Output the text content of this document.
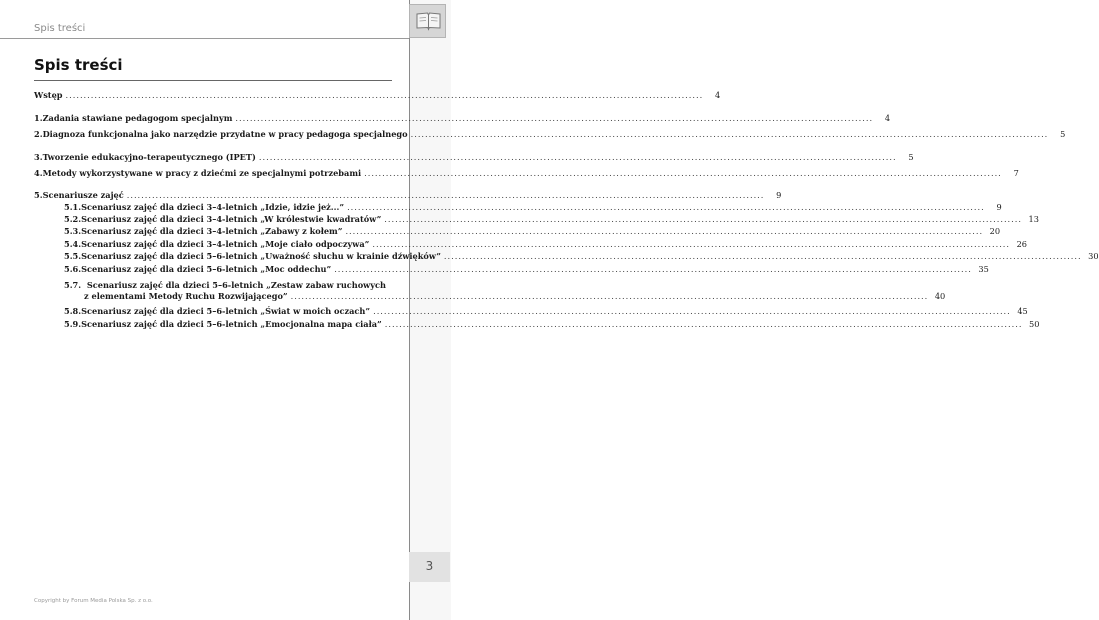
Spis treści
3
Spis treści
Wstęp .....	4
1. Zadania stawiane pedagogom specjalnym .....	4
2. Diagnoza funkcjonalna jako narzędzie przydatne w pracy pedagoga specjalnego .....	5
3. Tworzenie edukacyjno-terapeutycznego (IPET) .....	5
4. Metody wykorzystywane w pracy z dziećmi ze specjalnymi potrzebami .....	7
5. Scenariusze zajęć .....	9
5.1. Scenariusz zajęć dla dzieci 3–4-letnich „Idzie, idzie jeż...” .....	9
5.2. Scenariusz zajęć dla dzieci 3–4-letnich „W królestwie kwadratów” .....	13
5.3. Scenariusz zajęć dla dzieci 3–4-letnich „Zabawy z kołem” .....	20
5.4. Scenariusz zajęć dla dzieci 3–4-letnich „Moje ciało odpoczywa” .....	26
5.5. Scenariusz zajęć dla dzieci 5–6-letnich „Uważność słuchu w krainie dźwięków” .....	30
5.6. Scenariusz zajęć dla dzieci 5–6-letnich „Moc oddechu” .....	35
5.7. Scenariusz zajęć dla dzieci 5–6-letnich „Zestaw zabaw ruchowych
z elementami Metody Ruchu Rozwijającego” .....	40
5.8. Scenariusz zajęć dla dzieci 5–6-letnich „Świat w moich oczach” .....	45
5.9. Scenariusz zajęć dla dzieci 5–6-letnich „Emocjonalna mapa ciała” .....	50
Copyright by Forum Media Polska Sp. z o.o.
